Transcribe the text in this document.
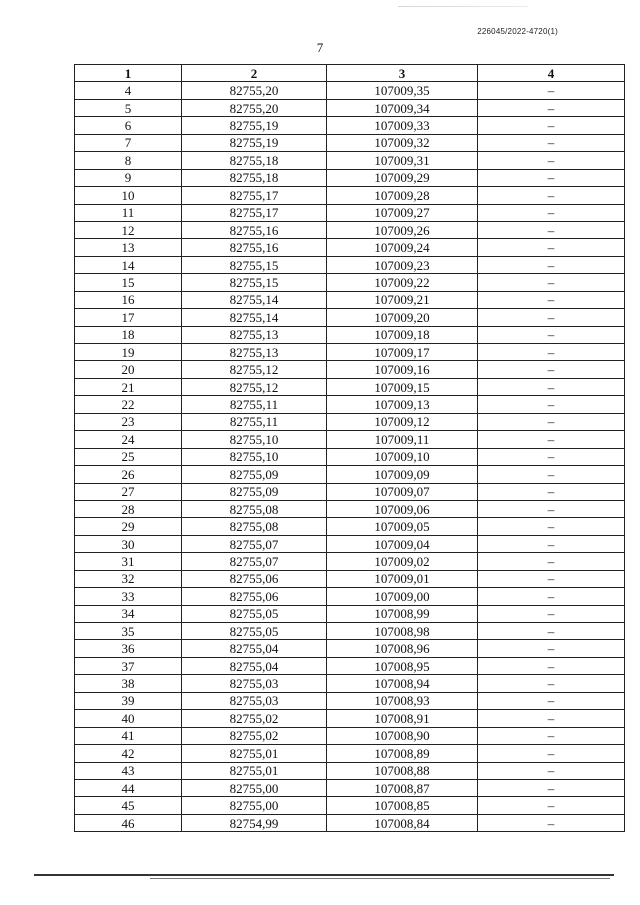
226045/2022-4720(1)
7
1	2	3	4
4	82755,20	107009,35	–
5	82755,20	107009,34	–
6	82755,19	107009,33	–
7	82755,19	107009,32	–
8	82755,18	107009,31	–
9	82755,18	107009,29	–
10	82755,17	107009,28	–
11	82755,17	107009,27	–
12	82755,16	107009,26	–
13	82755,16	107009,24	–
14	82755,15	107009,23	–
15	82755,15	107009,22	–
16	82755,14	107009,21	–
17	82755,14	107009,20	–
18	82755,13	107009,18	–
19	82755,13	107009,17	–
20	82755,12	107009,16	–
21	82755,12	107009,15	–
22	82755,11	107009,13	–
23	82755,11	107009,12	–
24	82755,10	107009,11	–
25	82755,10	107009,10	–
26	82755,09	107009,09	–
27	82755,09	107009,07	–
28	82755,08	107009,06	–
29	82755,08	107009,05	–
30	82755,07	107009,04	–
31	82755,07	107009,02	–
32	82755,06	107009,01	–
33	82755,06	107009,00	–
34	82755,05	107008,99	–
35	82755,05	107008,98	–
36	82755,04	107008,96	–
37	82755,04	107008,95	–
38	82755,03	107008,94	–
39	82755,03	107008,93	–
40	82755,02	107008,91	–
41	82755,02	107008,90	–
42	82755,01	107008,89	–
43	82755,01	107008,88	–
44	82755,00	107008,87	–
45	82755,00	107008,85	–
46	82754,99	107008,84	–
